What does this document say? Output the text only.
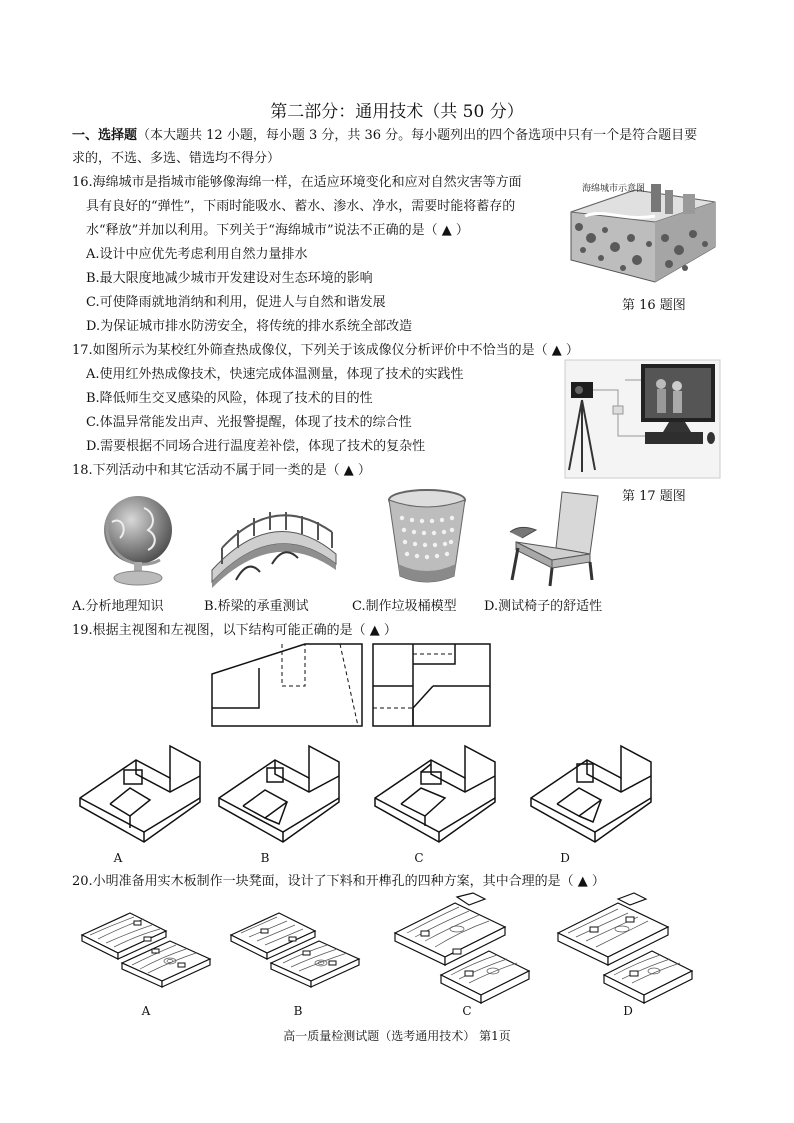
第二部分：通用技术（共 50 分）
一、选择题（本大题共 12 小题，每小题 3 分，共 36 分。每小题列出的四个备选项中只有一个是符合题目要
求的，不选、多选、错选均不得分）
16.海绵城市是指城市能够像海绵一样，在适应环境变化和应对自然灾害等方面
具有良好的“弹性”，下雨时能吸水、蓄水、渗水、净水，需要时能将蓄存的
水“释放”并加以利用。下列关于“海绵城市”说法不正确的是（ ▲ ）
A.设计中应优先考虑利用自然力量排水
B.最大限度地减少城市开发建设对生态环境的影响
C.可使降雨就地消纳和利用，促进人与自然和谐发展
D.为保证城市排水防涝安全，将传统的排水系统全部改造
海绵城市示意图
第 16 题图
17.如图所示为某校红外筛查热成像仪，下列关于该成像仪分析评价中不恰当的是（ ▲ ）
A.使用红外热成像技术，快速完成体温测量，体现了技术的实践性
B.降低师生交叉感染的风险，体现了技术的目的性
C.体温异常能发出声、光报警提醒，体现了技术的综合性
D.需要根据不同场合进行温度差补偿，体现了技术的复杂性
第 17 题图
18.下列活动中和其它活动不属于同一类的是（ ▲ ）
A.分析地理知识	B.桥梁的承重测试	C.制作垃圾桶模型 D.测试椅子的舒适性
19.根据主视图和左视图，以下结构可能正确的是（ ▲ ）
A	B	C	D
20.小明准备用实木板制作一块凳面，设计了下料和开榫孔的四种方案，其中合理的是（ ▲ ）
A	B	C	D
高一质量检测试题（选考通用技术） 第1页
